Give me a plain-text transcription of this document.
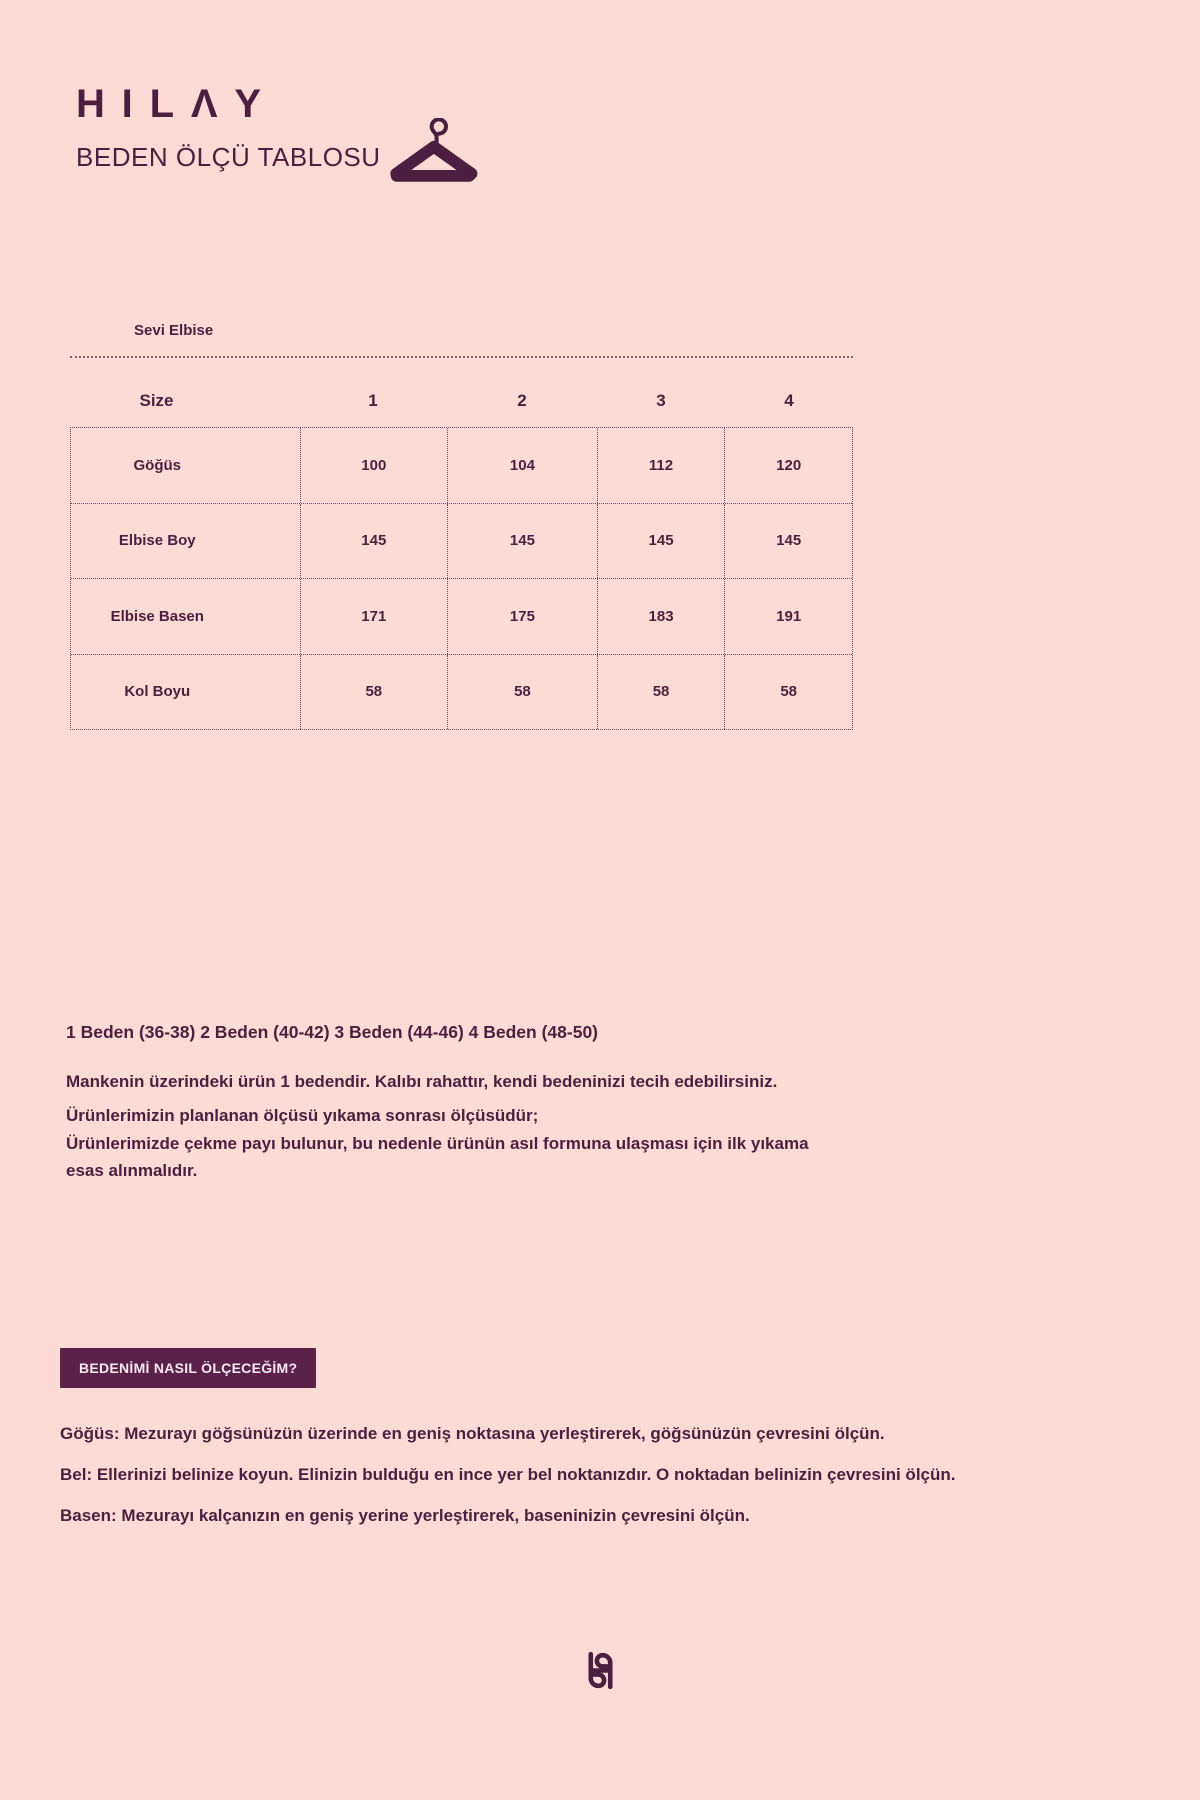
HILΛY
BEDEN ÖLÇÜ TABLOSU
Sevi Elbise
Size	1	2	3	4
Göğüs	100	104	112	120
Elbise Boy	145	145	145	145
Elbise Basen	171	175	183	191
Kol Boyu	58	58	58	58
1 Beden (36-38) 2 Beden (40-42) 3 Beden (44-46) 4 Beden (48-50)
Mankenin üzerindeki ürün 1 bedendir. Kalıbı rahattır, kendi bedeninizi tecih edebilirsiniz.
Ürünlerimizin planlanan ölçüsü yıkama sonrası ölçüsüdür;
Ürünlerimizde çekme payı bulunur, bu nedenle ürünün asıl formuna ulaşması için ilk yıkama
esas alınmalıdır.
BEDENİMİ NASIL ÖLÇECEĞİM?
Göğüs: Mezurayı göğsünüzün üzerinde en geniş noktasına yerleştirerek, göğsünüzün çevresini ölçün.
Bel: Ellerinizi belinize koyun. Elinizin bulduğu en ince yer bel noktanızdır. O noktadan belinizin çevresini ölçün.
Basen: Mezurayı kalçanızın en geniş yerine yerleştirerek, baseninizin çevresini ölçün.
